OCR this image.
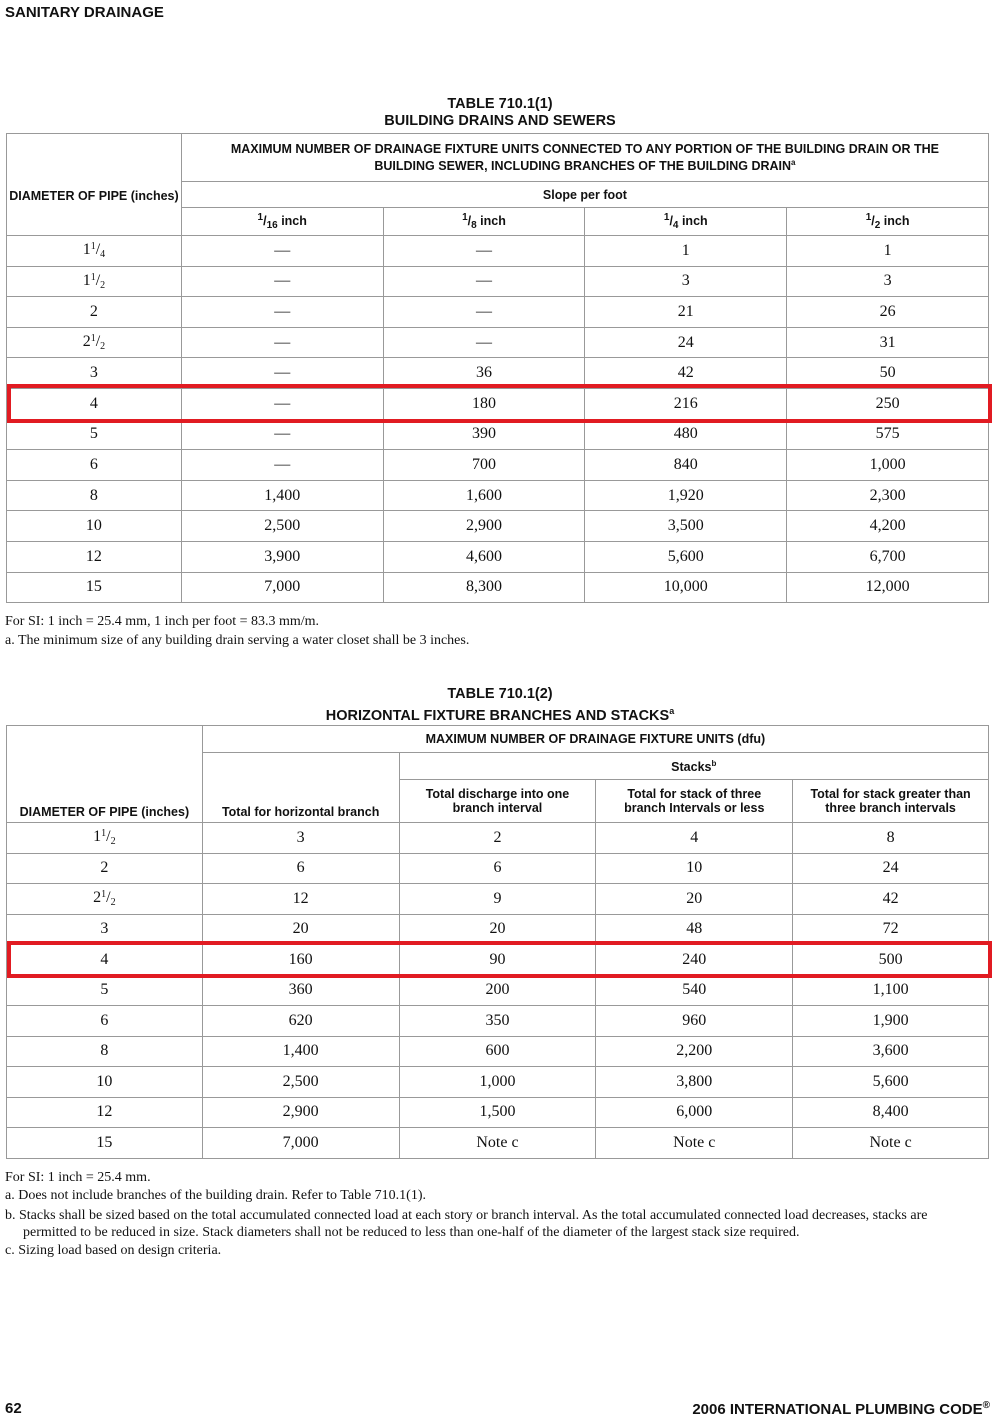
SANITARY DRAINAGE
TABLE 710.1(1)
BUILDING DRAINS AND SEWERS
DIAMETER OF PIPE (inches)	MAXIMUM NUMBER OF DRAINAGE FIXTURE UNITS CONNECTED TO ANY PORTION OF THE BUILDING DRAIN OR THE BUILDING SEWER, INCLUDING BRANCHES OF THE BUILDING DRAIN$^a$
	Slope per foot			
	$^1/_{16}$ inch	$^1/_8$ inch	$^1/_4$ inch	$^1/_2$ inch
$1^1/_4$	—	—	1	1
$1^1/_2$	—	—	3	3
2	—	—	21	26
$2^1/_2$	—	—	24	31
3	—	36	42	50
4	—	180	216	250
5	—	390	480	575
6	—	700	840	1,000
8	1,400	1,600	1,920	2,300
10	2,500	2,900	3,500	4,200
12	3,900	4,600	5,600	6,700
15	7,000	8,300	10,000	12,000
For SI: 1 inch = 25.4 mm, 1 inch per foot = 83.3 mm/m.
a. The minimum size of any building drain serving a water closet shall be 3 inches.
TABLE 710.1(2)
HORIZONTAL FIXTURE BRANCHES AND STACKS$^a$
DIAMETER OF PIPE (inches)	MAXIMUM NUMBER OF DRAINAGE FIXTURE UNITS (dfu)			
	Total for horizontal branch	Stacks$^b$
		Total discharge into one branch interval	Total for stack of three branch Intervals or less	Total for stack greater than three branch intervals
$1^1/_2$	3	2	4	8
2	6	6	10	24
$2^1/_2$	12	9	20	42
3	20	20	48	72
4	160	90	240	500
5	360	200	540	1,100
6	620	350	960	1,900
8	1,400	600	2,200	3,600
10	2,500	1,000	3,800	5,600
12	2,900	1,500	6,000	8,400
15	7,000	Note c	Note c	Note c
For SI: 1 inch = 25.4 mm.
a. Does not include branches of the building drain. Refer to Table 710.1(1).
b. Stacks shall be sized based on the total accumulated connected load at each story or branch interval. As the total accumulated connected load decreases, stacks are
permitted to be reduced in size. Stack diameters shall not be reduced to less than one-half of the diameter of the largest stack size required.
c. Sizing load based on design criteria.
62	2006 INTERNATIONAL PLUMBING CODE®
